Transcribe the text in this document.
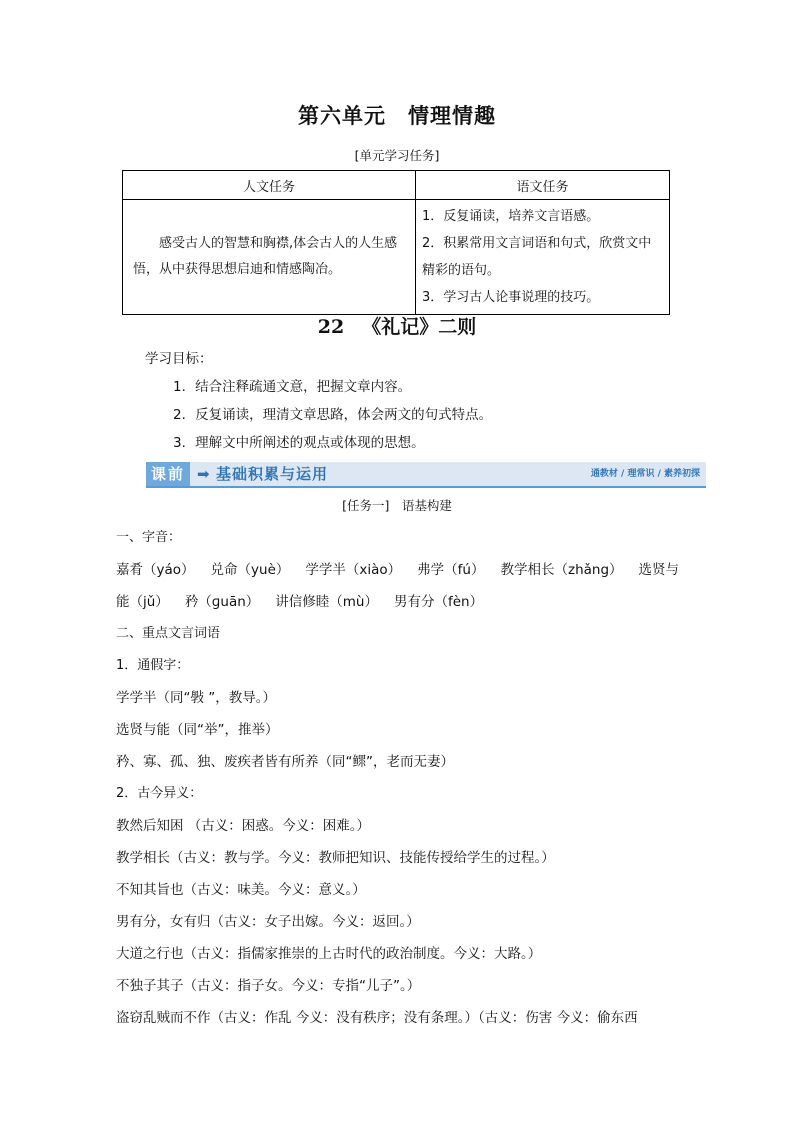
第六单元 情理情趣
[单元学习任务]
人文任务	语文任务
感受古人的智慧和胸襟,体会古人的人生感悟，从中获得思想启迪和情感陶冶。	1．反复诵读，培养文言语感。
2．积累常用文言词语和句式，欣赏文中精彩的语句。
3．学习古人论事说理的技巧。
22 《礼记》二则
学习目标：
1．结合注释疏通文意，把握文章内容。
2．反复诵读，理清文章思路，体会两文的句式特点。
3．理解文中所阐述的观点或体现的思想。
课前 ➡ 基础积累与运用	通教材 / 理常识 / 素养初探
[任务一]　语基构建
一、字音：
嘉肴（yáo） 兑命（yuè） 学学半（xiào） 弗学（fú） 教学相长（zhǎng） 选贤与
能（jǔ） 矜（ɡuān） 讲信修睦（mù） 男有分（fèn）
二、重点文言词语
1．通假字：
学学半（同“斅 ”，教导。）
选贤与能（同“举”，推举）
矜、寡、孤、独、废疾者皆有所养（同“鳏”，老而无妻）
2．古今异义：
教然后知困 （古义：困惑。今义：困难。）
教学相长（古义：教与学。今义：教师把知识、技能传授给学生的过程。）
不知其旨也（古义：味美。今义：意义。）
男有分，女有归（古义：女子出嫁。今义：返回。）
大道之行也（古义：指儒家推崇的上古时代的政治制度。今义：大路。）
不独子其子（古义：指子女。今义：专指“儿子”。）
盗窃乱贼而不作（古义：作乱 今义：没有秩序；没有条理。）（古义：伤害 今义：偷东西
